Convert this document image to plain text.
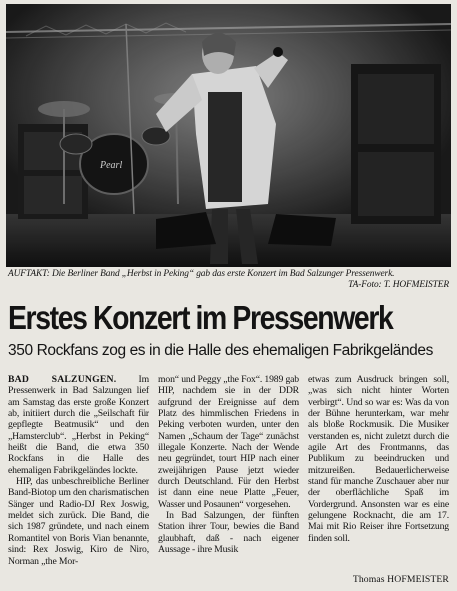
Pearl
AUFTAKT: Die Berliner Band „Herbst in Peking“ gab das erste Konzert im Bad Salzunger Pressenwerk.
TA-Foto: T. HOFMEISTER
Erstes Konzert im Pressenwerk
350 Rockfans zog es in die Halle des ehemaligen Fabrikgeländes

BAD SALZUNGEN. Im Pressenwerk in Bad Salzungen lief am Samstag das erste große Konzert ab, initiiert durch die „Seilschaft für gepflegte Beatmusik“ und den „Hamsterclub“. „Herbst in Peking“ heißt die Band, die etwa 350 Rockfans in die Halle des ehemaligen Fabrikgeländes lockte.

HIP, das unbeschreibliche Berliner Band-Biotop um den charismatischen Sänger und Radio-DJ Rex Joswig, meldet sich zurück. Die Band, die sich 1987 gründete, und nach einem Romantitel von Boris Vian benannte, sind: Rex Joswig, Kiro de Niro, Norman „the Mor-

mon“ und Peggy „the Fox“. 1989 gab HIP, nachdem sie in der DDR aufgrund der Ereignisse auf dem Platz des himmlischen Friedens in Peking verboten wurden, unter den Namen „Schaum der Tage“ zunächst illegale Konzerte. Nach der Wende neu gegründet, tourt HIP nach einer zweijährigen Pause jetzt wieder durch Deutschland. Für den Herbst ist dann eine neue Platte „Feuer, Wasser und Posaunen“ vorgesehen.

In Bad Salzungen, der fünften Station ihrer Tour, bewies die Band glaubhaft, daß - nach eigener Aussage - ihre Musik

etwas zum Ausdruck bringen soll, „was sich nicht hinter Worten verbirgt“. Und so war es: Was da von der Bühne herunterkam, war mehr als bloße Rockmusik. Die Musiker verstanden es, nicht zuletzt durch die agile Art des Frontmanns, das Publikum zu beeindrucken und mitzureißen. Bedauerlicherweise stand für manche Zuschauer aber nur der oberflächliche Spaß im Vordergrund. Ansonsten war es eine gelungene Rocknacht, die am 17. Mai mit Rio Reiser ihre Fortsetzung finden soll.

Thomas HOFMEISTER
